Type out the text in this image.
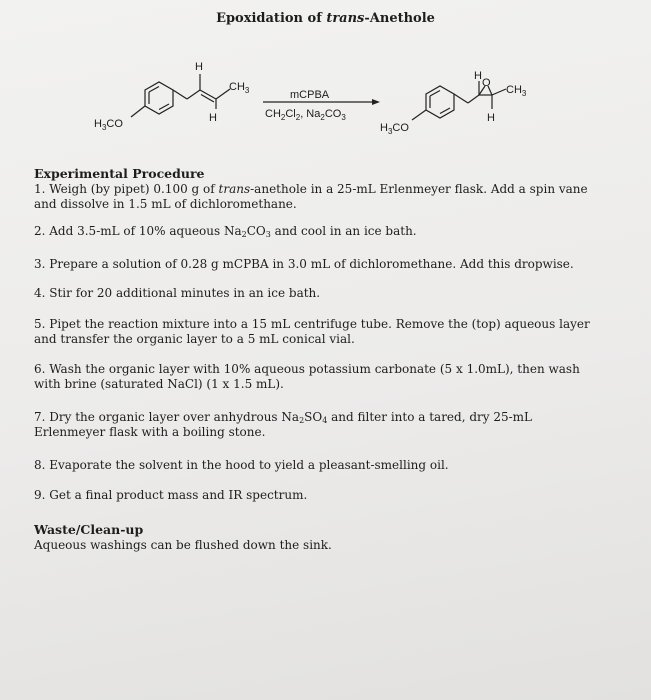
Epoxidation of trans-Anethole
H
$CH_3$
H
$H_3CO$
mCPBA
$CH_2Cl_2$, $Na_2CO_3$
H
O
$CH_3$
H
$H_3CO$
Experimental Procedure
1. Weigh (by pipet) 0.100 g of trans-anethole in a 25-mL Erlenmeyer flask. Add a spin vane and dissolve in 1.5 mL of dichloromethane.
2. Add 3.5-mL of 10% aqueous $Na_2CO_3$ and cool in an ice bath.
3. Prepare a solution of 0.28 g mCPBA in 3.0 mL of dichloromethane. Add this dropwise.
4. Stir for 20 additional minutes in an ice bath.
5. Pipet the reaction mixture into a 15 mL centrifuge tube. Remove the (top) aqueous layer and transfer the organic layer to a 5 mL conical vial.
6. Wash the organic layer with 10% aqueous potassium carbonate (5 x 1.0mL), then wash with brine (saturated NaCl) (1 x 1.5 mL).
7. Dry the organic layer over anhydrous $Na_2SO_4$ and filter into a tared, dry 25-mL Erlenmeyer flask with a boiling stone.
8. Evaporate the solvent in the hood to yield a pleasant-smelling oil.
9. Get a final product mass and IR spectrum.
Waste/Clean-up
Aqueous washings can be flushed down the sink.
